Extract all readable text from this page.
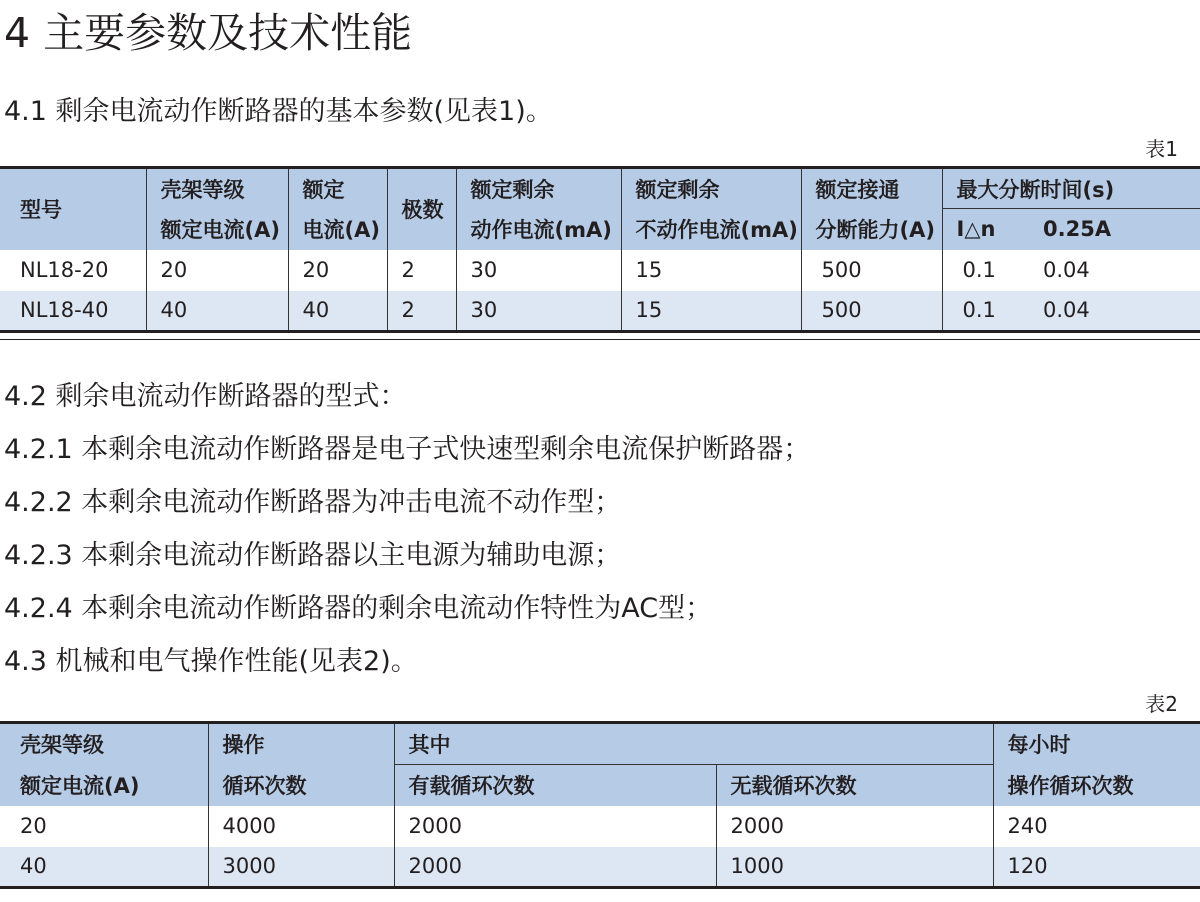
4 主要参数及技术性能
4.1 剩余电流动作断路器的基本参数(见表1)。
表1
型号	壳架等级	额定	极数	额定剩余	额定剩余	额定接通	最大分断时间(s)	
	额定电流(A)	电流(A)		动作电流(mA)	不动作电流(mA)	分断能力(A)	I△n	0.25A
NL18-20	20	20	2	30	15	500	0.1	0.04
NL18-40	40	40	2	30	15	500	0.1	0.04
4.2 剩余电流动作断路器的型式：
4.2.1 本剩余电流动作断路器是电子式快速型剩余电流保护断路器；
4.2.2 本剩余电流动作断路器为冲击电流不动作型；
4.2.3 本剩余电流动作断路器以主电源为辅助电源；
4.2.4 本剩余电流动作断路器的剩余电流动作特性为AC型；
4.3 机械和电气操作性能(见表2)。
表2
壳架等级	操作	其中		每小时
额定电流(A)	循环次数	有载循环次数	无载循环次数	操作循环次数
20	4000	2000	2000	240
40	3000	2000	1000	120
